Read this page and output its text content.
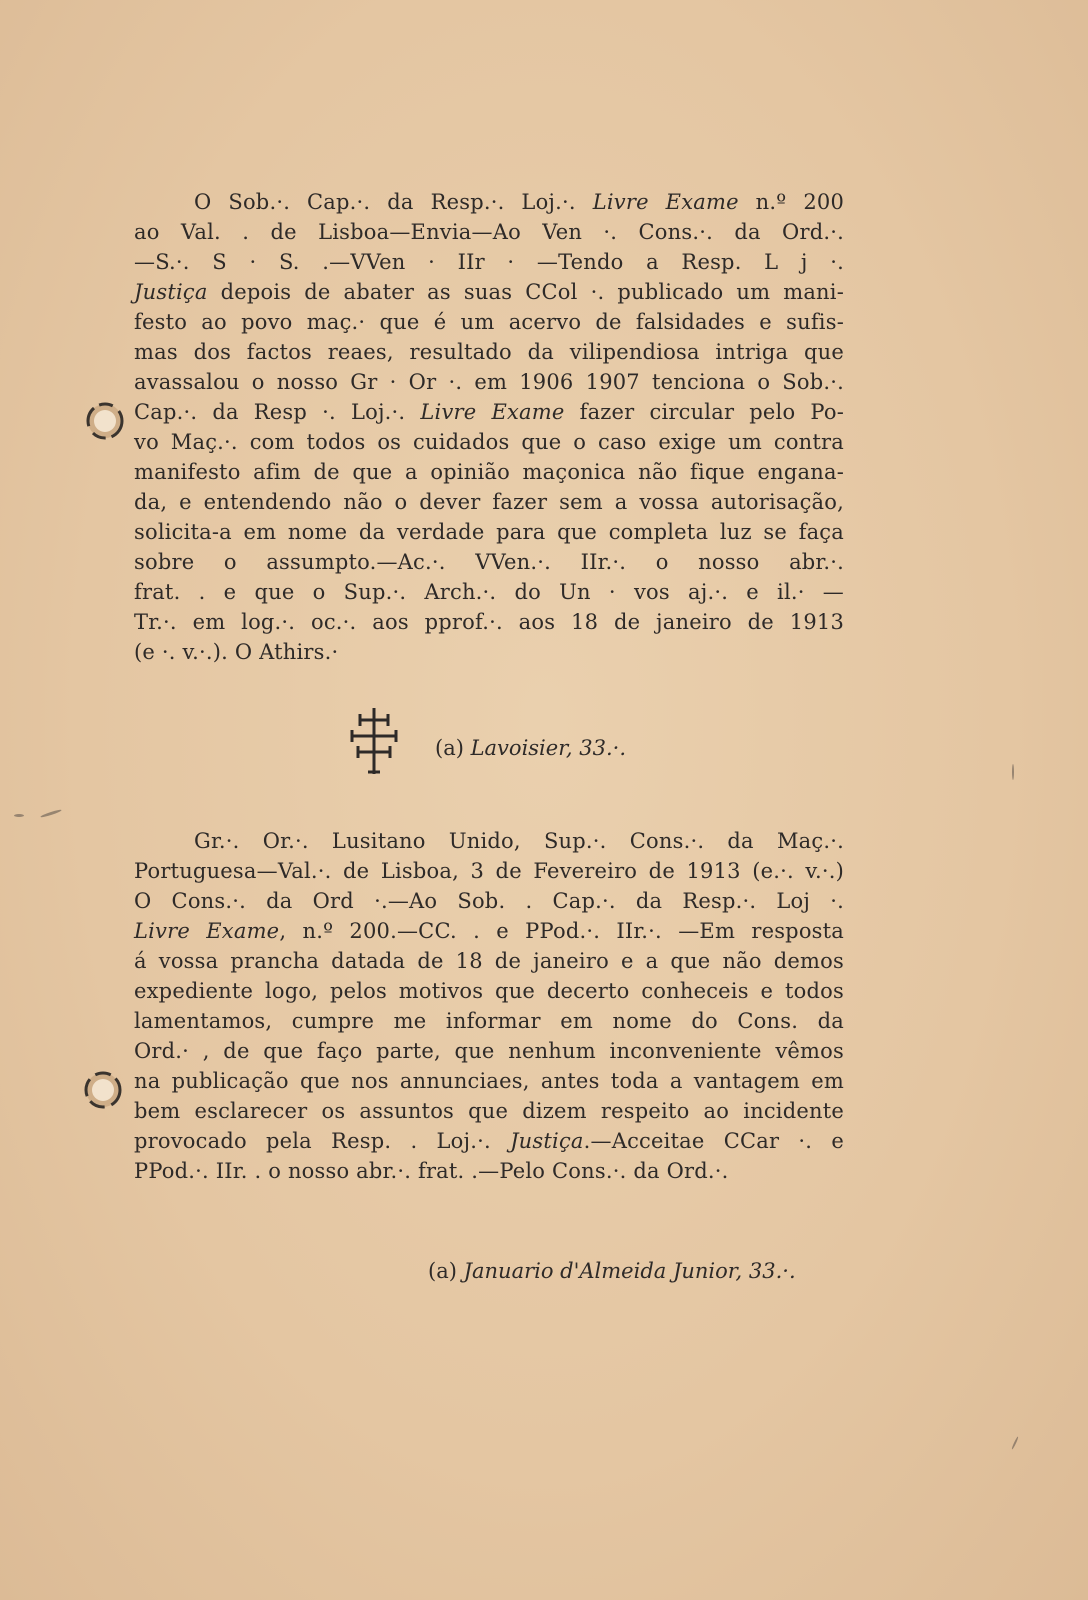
O Sob.·. Cap.·. da Resp.·. Loj.·. Livre Exame n.º 200
ao Val. . de Lisboa—Envia—Ao Ven ·. Cons.·. da Ord.·.
—S.·. S · S. .—VVen · IIr · —Tendo a Resp. L j ·.
Justiça depois de abater as suas CCol ·. publicado um mani-
festo ao povo maç.· que é um acervo de falsidades e sufis-
mas dos factos reaes, resultado da vilipendiosa intriga que
avassalou o nosso Gr · Or ·. em 1906 1907 tenciona o Sob.·.
Cap.·. da Resp ·. Loj.·. Livre Exame fazer circular pelo Po-
vo Maç.·. com todos os cuidados que o caso exige um contra
manifesto afim de que a opinião maçonica não fique engana-
da, e entendendo não o dever fazer sem a vossa autorisação,
solicita-a em nome da verdade para que completa luz se faça
sobre o assumpto.—Ac.·. VVen.·. IIr.·. o nosso abr.·.
frat. . e que o Sup.·. Arch.·. do Un · vos aj.·. e il.· —
Tr.·. em log.·. oc.·. aos pprof.·. aos 18 de janeiro de 1913
(e ·. v.·.). O Athirs.·
(a) Lavoisier, 33.·.
Gr.·. Or.·. Lusitano Unido, Sup.·. Cons.·. da Maç.·.
Portuguesa—Val.·. de Lisboa, 3 de Fevereiro de 1913 (e.·. v.·.)
O Cons.·. da Ord ·.—Ao Sob. . Cap.·. da Resp.·. Loj ·.
Livre Exame, n.º 200.—CC. . e PPod.·. IIr.·. —Em resposta
á vossa prancha datada de 18 de janeiro e a que não demos
expediente logo, pelos motivos que decerto conheceis e todos
lamentamos, cumpre me informar em nome do Cons. da
Ord.· , de que faço parte, que nenhum inconveniente vêmos
na publicação que nos annunciaes, antes toda a vantagem em
bem esclarecer os assuntos que dizem respeito ao incidente
provocado pela Resp. . Loj.·. Justiça.—Acceitae CCar ·. e
PPod.·. IIr. . o nosso abr.·. frat. .—Pelo Cons.·. da Ord.·.
(a) Januario d'Almeida Junior, 33.·.
